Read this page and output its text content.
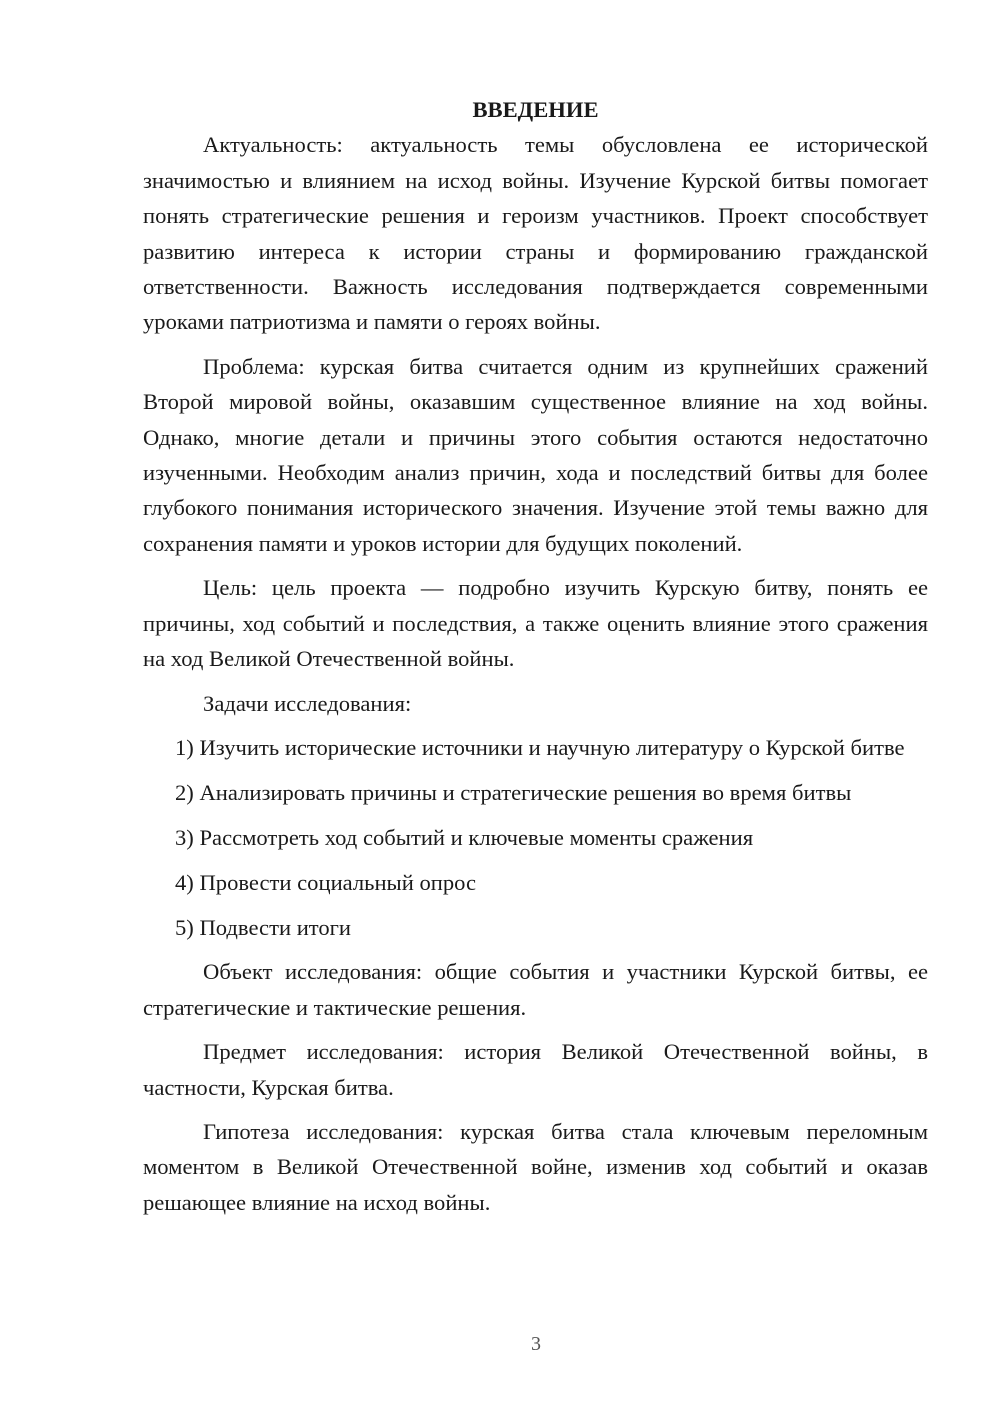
ВВЕДЕНИЕ

Актуальность: актуальность темы обусловлена ее исторической значимостью и влиянием на исход войны. Изучение Курской битвы помогает понять стратегические решения и героизм участников. Проект способствует развитию интереса к истории страны и формированию гражданской ответственности. Важность исследования подтверждается современными уроками патриотизма и памяти о героях войны.

Проблема: курская битва считается одним из крупнейших сражений Второй мировой войны, оказавшим существенное влияние на ход войны. Однако, многие детали и причины этого события остаются недостаточно изученными. Необходим анализ причин, хода и последствий битвы для более глубокого понимания исторического значения. Изучение этой темы важно для сохранения памяти и уроков истории для будущих поколений.

Цель: цель проекта — подробно изучить Курскую битву, понять ее причины, ход событий и последствия, а также оценить влияние этого сражения на ход Великой Отечественной войны.

Задачи исследования:

1) Изучить исторические источники и научную литературу о Курской битве

2) Анализировать причины и стратегические решения во время битвы

3) Рассмотреть ход событий и ключевые моменты сражения

4) Провести социальный опрос

5) Подвести итоги

Объект исследования: общие события и участники Курской битвы, ее стратегические и тактические решения.

Предмет исследования: история Великой Отечественной войны, в частности, Курская битва.

Гипотеза исследования: курская битва стала ключевым переломным моментом в Великой Отечественной войне, изменив ход событий и оказав решающее влияние на исход войны.

3
